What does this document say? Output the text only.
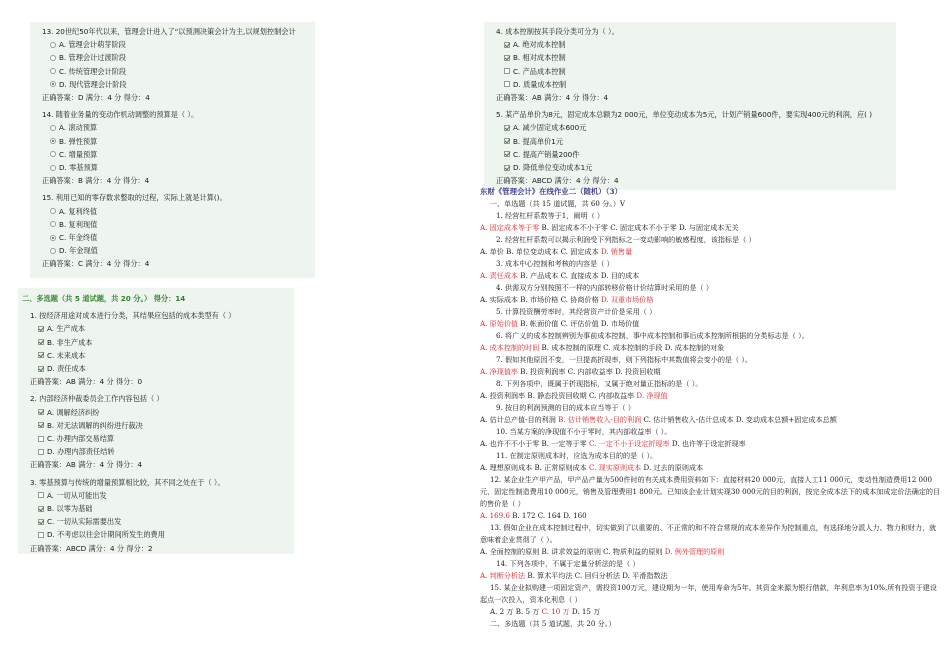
13. 20世纪50年代以来，管理会计进入了“以预测决策会计为主,以规划控制会计
A. 管理会计萌芽阶段
B. 管理会计过渡阶段
C. 传统管理会计阶段
D. 现代管理会计阶段
正确答案：D 满分：4 分 得分：4
14. 随着业务量的变动作机动调整的预算是（ ）。
A. 滚动预算
B. 弹性预算
C. 增量预算
D. 零基预算
正确答案：B 满分：4 分 得分：4
15. 利用已知的零存数求整取的过程，实际上就是计算()。
A. 复利终值
B. 复利现值
C. 年金终值
D. 年金现值
正确答案：C 满分：4 分 得分：4
二、多选题（共 5 道试题，共 20 分。） 得分：14
1. 按经济用途对成本进行分类，其结果应包括的成本类型有（ ）
A. 生产成本
B. 非生产成本
C. 未来成本
D. 责任成本
正确答案：AB 满分：4 分 得分：0
2. 内部经济仲裁委员会工作内容包括（ ）
A. 调解经济纠纷
B. 对无法调解的纠纷进行裁决
C. 办理内部交易结算
D. 办理内部责任结转
正确答案：AB 满分：4 分 得分：4
3. 零基预算与传统的增量预算相比较，其不同之处在于（ ）。
A. 一切从可能出发
B. 以零为基础
C. 一切从实际需要出发
D. 不考虑以往会计期间所发生的费用
正确答案：ABCD 满分：4 分 得分：2
4. 成本控制按其手段分类可分为（ ）。
A. 绝对成本控制
B. 相对成本控制
C. 产品成本控制
D. 质量成本控制
正确答案：AB 满分：4 分 得分：4
5. 某产品单价为8元，固定成本总额为2 000元，单位变动成本为5元，计划产销量600件，要实现400元的利润，应( )
A. 减少固定成本600元
B. 提高单价1元
C. 提高产销量200件
D. 降低单位变动成本1元
正确答案：ABCD 满分：4 分 得分：4
东财《管理会计》在线作业二（随机）（3）
一、单选题（共 15 道试题，共 60 分。）V
1. 经营杠杆系数等于1，阐明（ ）
A. 固定成本等于零 B. 固定成本不小于零 C. 固定成本不小于零 D. 与固定成本无关
2. 经营杠杆系数可以揭示利润受下列指标之一变动影响的敏感程度，该指标是（ ）
A. 单价 B. 单位变动成本 C. 固定成本 D. 销售量
3. 成本中心控制和考核的内容是（ ）
A. 责任成本 B. 产品成本 C. 直接成本 D. 目的成本
4. 供需双方分别按照不一样的内部转移价格计价结算时采用的是（ ）
A. 实际成本 B. 市场价格 C. 协商价格 D. 双重市场价格
5. 计算投资酬劳率时，其经营资产计价是采用（ ）
A. 原始价值 B. 帐面价值 C. 评估价值 D. 市场价值
6. 将广义的成本控制辨别为事前成本控制、事中成本控制和事后成本控制所根据的分类标志是（ ）。
A. 成本控制的时间 B. 成本控制的原理 C. 成本控制的手段 D. 成本控制的对象
7. 假如其他原因不变，一旦提高折现率，则下列指标中其数值将会变小的是（ ）。
A. 净现值率 B. 投资利润率 C. 内部收益率 D. 投资回收期
8. 下列各项中，既属于折现指标，又属于绝对量正指标的是（ ）。
A. 投资利润率 B. 静态投资回收期 C. 内部收益率 D. 净现值
9. 按目的利润预测的目的成本应当等于（ ）
A. 估计总产值-目的利润 B. 估计销售收入-目的利润 C. 估计销售收入-估计总成本 D. 变动成本总额+固定成本总额
10. 当某方案的净现值不小于零时，其内部收益率（ ）。
A. 也许不不小于零 B. 一定等于零 C. 一定不小于设定折现率 D. 也许等于设定折现率
11. 在制定原则成本时，应选为成本目的的是（ ）。
A. 理想原则成本 B. 正常原则成本 C. 现实原则成本 D. 过去的原则成本
12. 某企业生产甲产品，甲产品产量为500件时的有关成本费用资料如下：直接材料20 000元，直接人工11 000元，变动性制造费用12 000元，固定性制造费用10 000元，销售及管理费用1 800元。已知该企业计划实现30 000元的目的利润，按完全成本法下的成本加成定价法确定的目的售价是（ ）
A. 169.6 B. 172 C. 164 D. 160
13. 假如企业在成本控制过程中，切实做到了以重要的、不正常的和不符合常规的成本差异作为控制重点，有选择地分派人力、物力和财力，就意味着企业贯彻了（ ）。
A. 全面控制的原则 B. 讲求效益的原则 C. 物质利益的原则 D. 例外管理的原则
14. 下列各项中，不属于定量分析法的是（ ）
A. 判断分析法 B. 算术平均法 C. 回归分析法 D. 平滑指数法
15. 某企业拟购建一项固定资产，需投资100万元，建设期为一年，使用寿命为5年。其资金来源为银行借款，年利息率为10%,所有投资于建设起点一次投入，资本化利息（ ）
A. 2 万 B. 5 万 C. 10 万 D. 15 万
二、多选题（共 5 道试题，共 20 分。）
